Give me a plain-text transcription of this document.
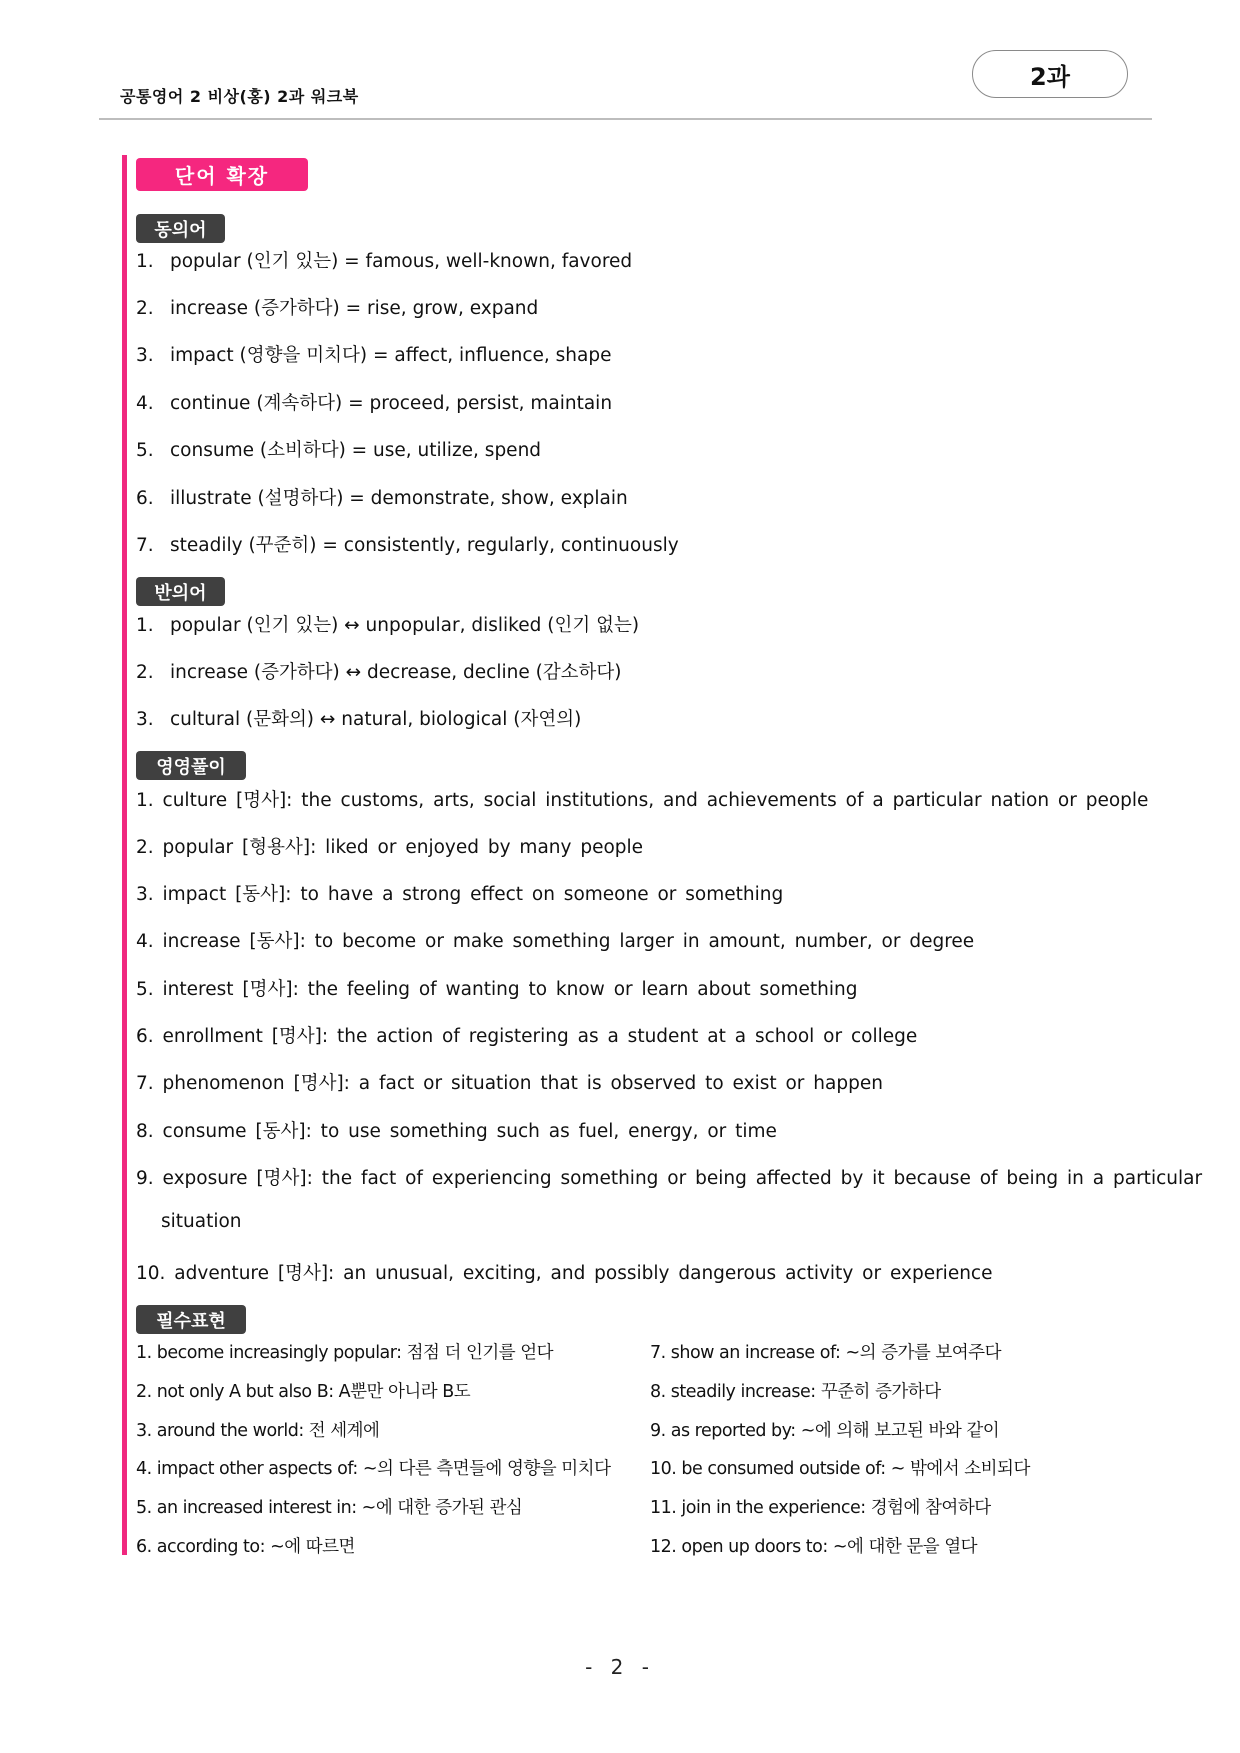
공통영어 2 비상(홍) 2과 워크북
2과
단어 확장
동의어
1. popular (인기 있는) = famous, well-known, favored
2. increase (증가하다) = rise, grow, expand
3. impact (영향을 미치다) = affect, influence, shape
4. continue (계속하다) = proceed, persist, maintain
5. consume (소비하다) = use, utilize, spend
6. illustrate (설명하다) = demonstrate, show, explain
7. steadily (꾸준히) = consistently, regularly, continuously
반의어
1. popular (인기 있는) ↔ unpopular, disliked (인기 없는)
2. increase (증가하다) ↔ decrease, decline (감소하다)
3. cultural (문화의) ↔ natural, biological (자연의)
영영풀이
1. culture [명사]: the customs, arts, social institutions, and achievements of a particular nation or people
2. popular [형용사]: liked or enjoyed by many people
3. impact [동사]: to have a strong effect on someone or something
4. increase [동사]: to become or make something larger in amount, number, or degree
5. interest [명사]: the feeling of wanting to know or learn about something
6. enrollment [명사]: the action of registering as a student at a school or college
7. phenomenon [명사]: a fact or situation that is observed to exist or happen
8. consume [동사]: to use something such as fuel, energy, or time
9. exposure [명사]: the fact of experiencing something or being affected by it because of being in a particular
situation
10. adventure [명사]: an unusual, exciting, and possibly dangerous activity or experience
필수표현
1. become increasingly popular: 점점 더 인기를 얻다
2. not only A but also B: A뿐만 아니라 B도
3. around the world: 전 세계에
4. impact other aspects of: ~의 다른 측면들에 영향을 미치다
5. an increased interest in: ~에 대한 증가된 관심
6. according to: ~에 따르면
7. show an increase of: ~의 증가를 보여주다
8. steadily increase: 꾸준히 증가하다
9. as reported by: ~에 의해 보고된 바와 같이
10. be consumed outside of: ~ 밖에서 소비되다
11. join in the experience: 경험에 참여하다
12. open up doors to: ~에 대한 문을 열다
- 2 -
